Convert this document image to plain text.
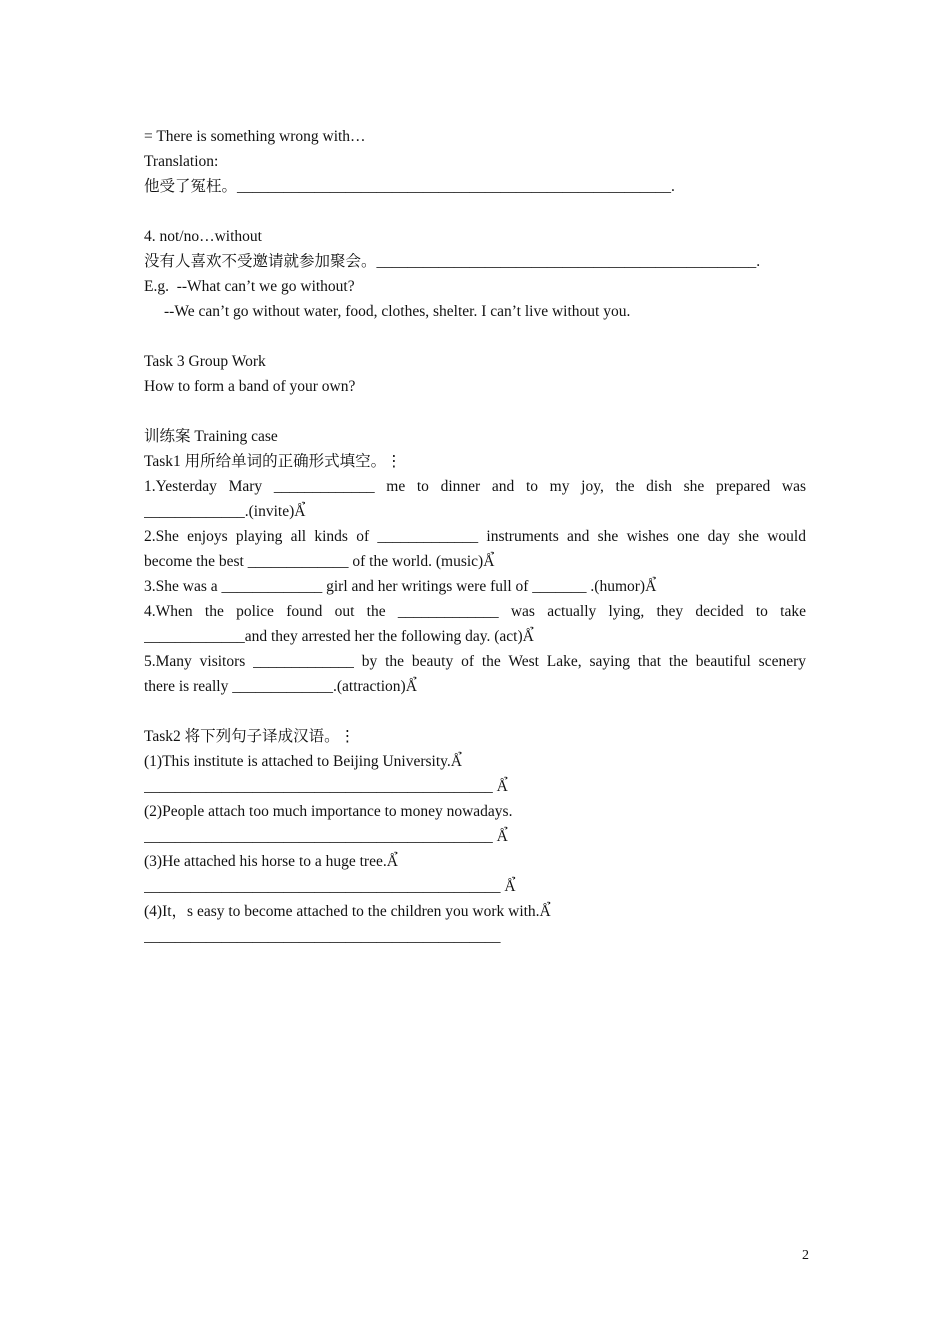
= There is something wrong with…
Translation:
他受了冤枉。________________________________________________________.
4. not/no…without
没有人喜欢不受邀请就参加聚会。_________________________________________________.
E.g.  --What can’t we go without?
--We can’t go without water, food, clothes, shelter. I can’t live without you.
Task 3 Group Work
How to form a band of your own?
训练案 Training case
Task1 用所给单词的正确形式填空。⋮
1.Yesterday Mary _____________ me to dinner and to my joy, the dish she prepared was
_____________.(invite)Å̉
2.She enjoys playing all kinds of _____________ instruments and she wishes one day she would
become the best _____________ of the world. (music)Å̉
3.She was a _____________ girl and her writings were full of _______ .(humor)Å̉
4.When the police found out the _____________ was actually lying, they decided to take
_____________and they arrested her the following day. (act)Å̉
5.Many visitors _____________ by the beauty of the West Lake, saying that the beautiful scenery
there is really _____________.(attraction)Å̉
Task2 将下列句子译成汉语。⋮
(1)This institute is attached to Beijing University.Å̉
_____________________________________________ Å̉
(2)People attach too much importance to money nowadays.
_____________________________________________ Å̉
(3)He attached his horse to a huge tree.Å̉
______________________________________________ Å̉
(4)It，s easy to become attached to the children you work with.Å̉
______________________________________________
2
